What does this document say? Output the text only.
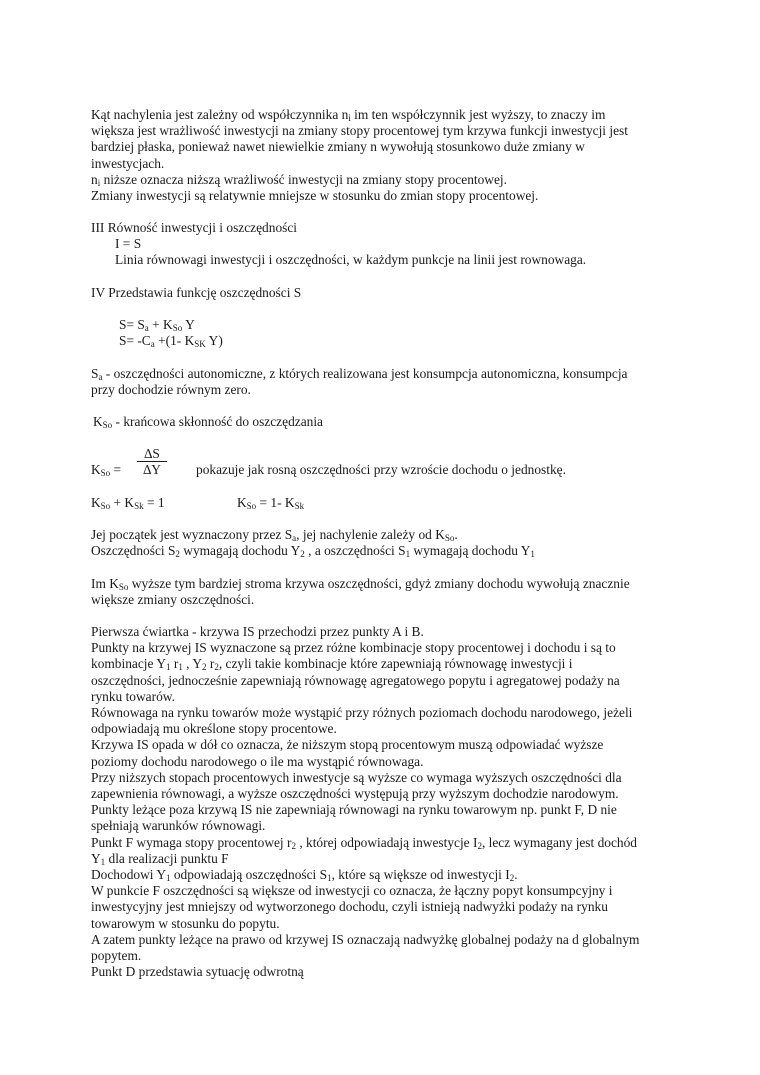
Kąt nachylenia jest zależny od współczynnika $n_i$ im ten współczynnik jest wyższy, to znaczy im
większa jest wrażliwość inwestycji na zmiany stopy procentowej tym krzywa funkcji inwestycji jest
bardziej płaska, ponieważ nawet niewielkie zmiany n wywołują stosunkowo duże zmiany w
inwestycjach.
$n_i$ niższe oznacza niższą wrażliwość inwestycji na zmiany stopy procentowej.
Zmiany inwestycji są relatywnie mniejsze w stosunku do zmian stopy procentowej.
III Równość inwestycji i oszczędności
I = S
Linia równowagi inwestycji i oszczędności, w każdym punkcje na linii jest rownowaga.
IV Przedstawia funkcję oszczędności S
$S= S_a + K_{So}$ Y
$S= -C_a +(1-$ $K_{SK}$ Y)
$S_a$ - oszczędności autonomiczne, z których realizowana jest konsumpcja autonomiczna, konsumpcja
przy dochodzie równym zero.
$K_{So}$ - krańcowa skłonność do oszczędzania
$K_{So}$ =
∆S
∆Y	pokazuje jak rosną oszczędności przy wzroście dochodu o jednostkę.
$K_{So} + K_{Sk} = 1$	$K_{So} = 1-$ $K_{Sk}$
Jej początek jest wyznaczony przez $S_a$, jej nachylenie zależy od $K_{So}$.
Oszczędności $S_2$ wymagają dochodu $Y_2$ , a oszczędności $S_1$ wymagają dochodu $Y_1$
Im $K_{So}$ wyższe tym bardziej stroma krzywa oszczędności, gdyż zmiany dochodu wywołują znacznie
większe zmiany oszczędności.
Pierwsza ćwiartka - krzywa IS przechodzi przez punkty A i B.
Punkty na krzywej IS wyznaczone są przez różne kombinacje stopy procentowej i dochodu i są to
kombinacje $Y_1$ $r_1$ , $Y_2$ $r_2$, czyli takie kombinacje które zapewniają równowagę inwestycji i
oszczędności, jednocześnie zapewniają równowagę agregatowego popytu i agregatowej podaży na
rynku towarów.
Równowaga na rynku towarów może wystąpić przy różnych poziomach dochodu narodowego, jeżeli
odpowiadają mu określone stopy procentowe.
Krzywa IS opada w dół co oznacza, że niższym stopą procentowym muszą odpowiadać wyższe
poziomy dochodu narodowego o ile ma wystąpić równowaga.
Przy niższych stopach procentowych inwestycje są wyższe co wymaga wyższych oszczędności dla
zapewnienia równowagi, a wyższe oszczędności występują przy wyższym dochodzie narodowym.
Punkty leżące poza krzywą IS nie zapewniają równowagi na rynku towarowym np. punkt F, D nie
spełniają warunków równowagi.
Punkt F wymaga stopy procentowej $r_2$ , której odpowiadają inwestycje $I_2$, lecz wymagany jest dochód
$Y_1$ dla realizacji punktu F
Dochodowi $Y_1$ odpowiadają oszczędności $S_1$, które są większe od inwestycji $I_2$.
W punkcie F oszczędności są większe od inwestycji co oznacza, że łączny popyt konsumpcyjny i
inwestycyjny jest mniejszy od wytworzonego dochodu, czyli istnieją nadwyżki podaży na rynku
towarowym w stosunku do popytu.
A zatem punkty leżące na prawo od krzywej IS oznaczają nadwyżkę globalnej podaży na d globalnym
popytem.
Punkt D przedstawia sytuację odwrotną
